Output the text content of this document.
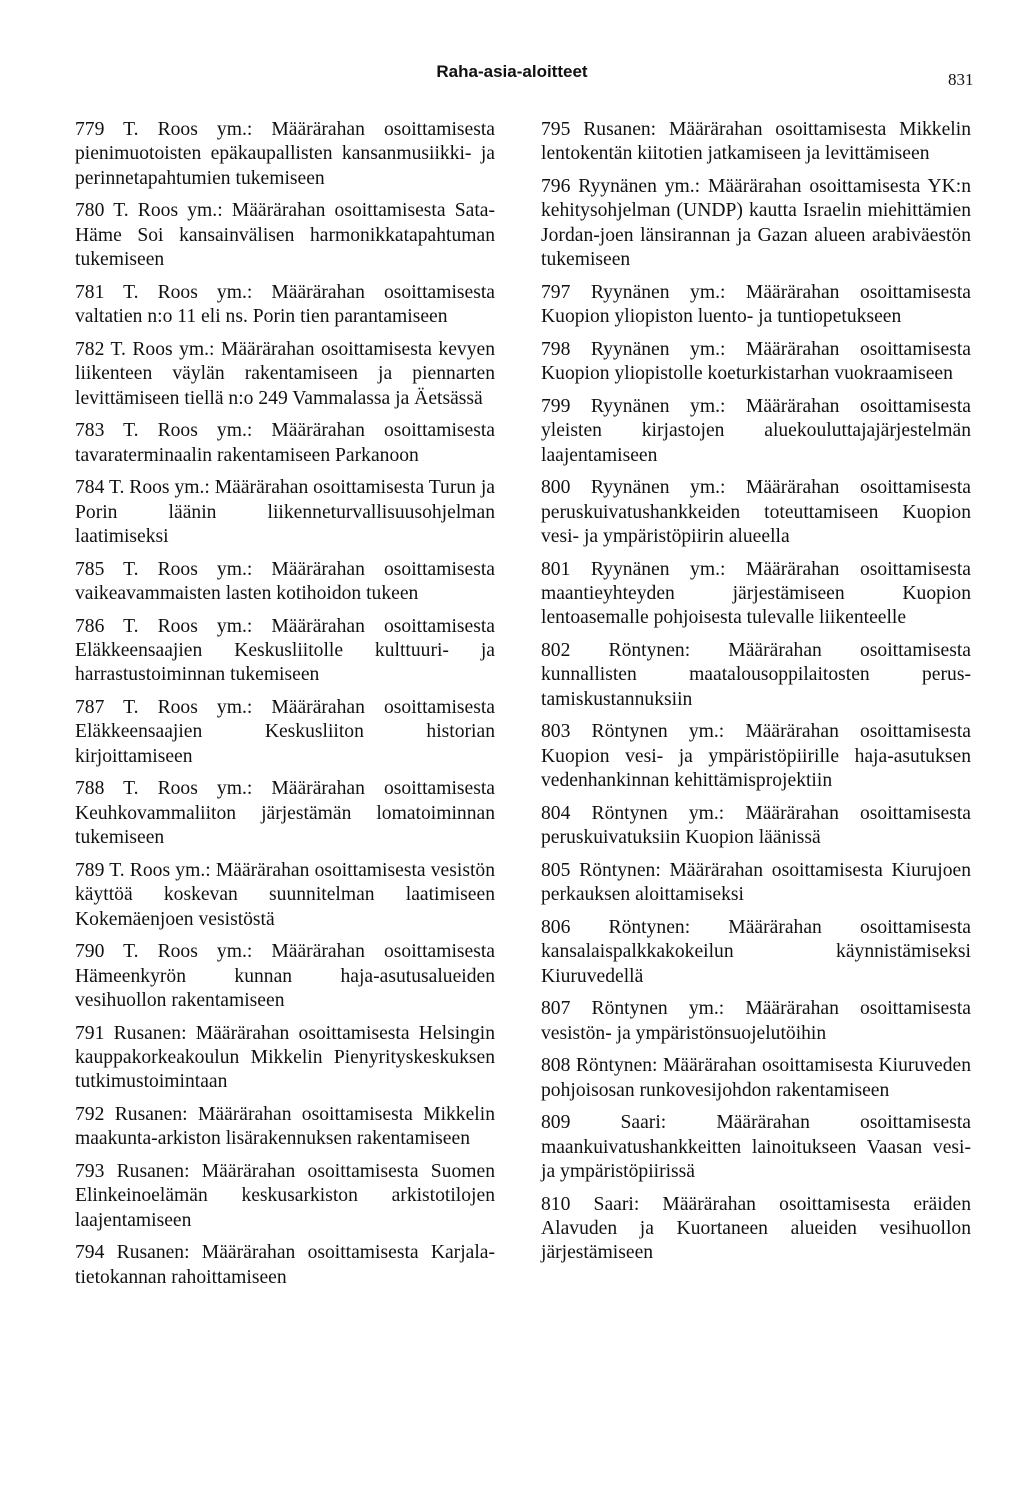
Raha-asia-aloitteet	831

779 T. Roos ym.: Määrärahan osoittamisesta pienimuotoisten epäkaupallisten kansanmusiikki- ja perinnetapahtumien tukemiseen

780 T. Roos ym.: Määrärahan osoittamisesta Sata-Häme Soi kansainvälisen harmonikkatapahtuman tukemiseen

781 T. Roos ym.: Määrärahan osoittamisesta valtatien n:o 11 eli ns. Porin tien parantamiseen

782 T. Roos ym.: Määrärahan osoittamisesta kevyen liikenteen väylän rakentamiseen ja piennarten levittämiseen tiellä n:o 249 Vammalassa ja Äetsässä

783 T. Roos ym.: Määrärahan osoittamisesta tavaraterminaalin rakentamiseen Parkanoon

784 T. Roos ym.: Määrärahan osoittamisesta Turun ja Porin läänin liikenneturvallisuusohjelman laatimiseksi

785 T. Roos ym.: Määrärahan osoittamisesta vaikeavammaisten lasten kotihoidon tukeen

786 T. Roos ym.: Määrärahan osoittamisesta Eläkkeensaajien Keskusliitolle kulttuuri- ja harrastustoiminnan tukemiseen

787 T. Roos ym.: Määrärahan osoittamisesta Eläkkeensaajien Keskusliiton historian kirjoittamiseen

788 T. Roos ym.: Määrärahan osoittamisesta Keuhkovammaliiton järjestämän lomatoiminnan tukemiseen

789 T. Roos ym.: Määrärahan osoittamisesta vesistön käyttöä koskevan suunnitelman laatimiseen Kokemäenjoen vesistöstä

790 T. Roos ym.: Määrärahan osoittamisesta Hämeenkyrön kunnan haja-asutusalueiden vesihuollon rakentamiseen

791 Rusanen: Määrärahan osoittamisesta Helsingin kauppakorkeakoulun Mikkelin Pienyrityskeskuksen tutkimustoimintaan

792 Rusanen: Määrärahan osoittamisesta Mikkelin maakunta-arkiston lisärakennuksen rakentamiseen

793 Rusanen: Määrärahan osoittamisesta Suomen Elinkeinoelämän keskusarkiston arkistotilojen laajentamiseen

794 Rusanen: Määrärahan osoittamisesta Karjala-tietokannan rahoittamiseen

795 Rusanen: Määrärahan osoittamisesta Mikkelin lentokentän kiitotien jatkamiseen ja levittämiseen

796 Ryynänen ym.: Määrärahan osoittamisesta YK:n kehitysohjelman (UNDP) kautta Israelin miehittämien Jordan-joen länsirannan ja Gazan alueen arabiväestön tukemiseen

797 Ryynänen ym.: Määrärahan osoittamisesta Kuopion yliopiston luento- ja tuntiopetukseen

798 Ryynänen ym.: Määrärahan osoittamisesta Kuopion yliopistolle koeturkistarhan vuokraamiseen

799 Ryynänen ym.: Määrärahan osoittamisesta yleisten kirjastojen aluekouluttajajärjestelmän laajentamiseen

800 Ryynänen ym.: Määrärahan osoittamisesta peruskuivatushankkeiden toteuttamiseen Kuopion vesi- ja ympäristöpiirin alueella

801 Ryynänen ym.: Määrärahan osoittamisesta maantieyhteyden järjestämiseen Kuopion lentoasemalle pohjoisesta tulevalle liikenteelle

802 Röntynen: Määrärahan osoittamisesta kunnallisten maatalousoppilaitosten perustamiskustannuksiin

803 Röntynen ym.: Määrärahan osoittamisesta Kuopion vesi- ja ympäristöpiirille haja-asutuksen vedenhankinnan kehittämisprojektiin

804 Röntynen ym.: Määrärahan osoittamisesta peruskuivatuksiin Kuopion läänissä

805 Röntynen: Määrärahan osoittamisesta Kiurujoen perkauksen aloittamiseksi

806 Röntynen: Määrärahan osoittamisesta kansalaispalkkakokeilun käynnistämiseksi Kiuruvedellä

807 Röntynen ym.: Määrärahan osoittamisesta vesistön- ja ympäristönsuojelutöihin

808 Röntynen: Määrärahan osoittamisesta Kiuruveden pohjoisosan runkovesijohdon rakentamiseen

809 Saari: Määrärahan osoittamisesta maankuivatushankkeitten lainoitukseen Vaasan vesi- ja ympäristöpiirissä

810 Saari: Määrärahan osoittamisesta eräiden Alavuden ja Kuortaneen alueiden vesihuollon järjestämiseen
